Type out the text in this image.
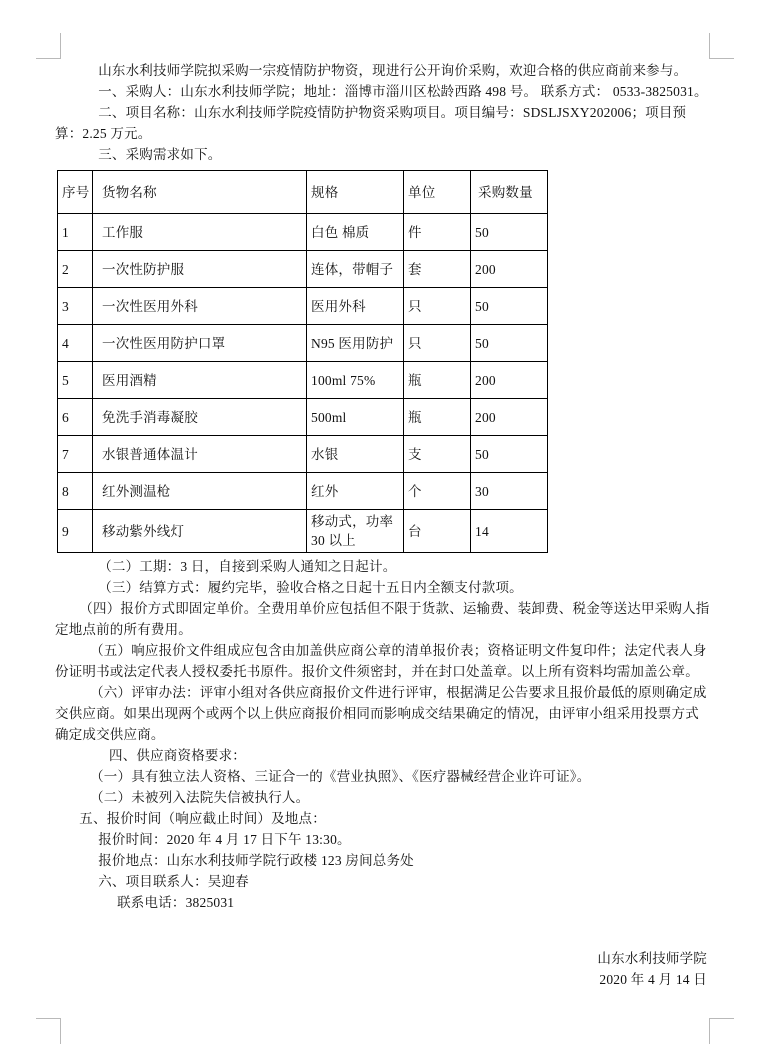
山东水利技师学院拟采购一宗疫情防护物资，现进行公开询价采购，欢迎合格的供应商前来参与。

一、采购人：山东水利技师学院；地址：淄博市淄川区松龄西路 498 号。 联系方式： 0533-3825031。

二、项目名称：山东水利技师学院疫情防护物资采购项目。项目编号：SDSLJSXY202006；项目预算：2.25 万元。

三、采购需求如下。

序号	货物名称	规格	单位	采购数量
1	工作服	白色 棉质	件	50
2	一次性防护服	连体，带帽子	套	200
3	一次性医用外科	医用外科	只	50
4	一次性医用防护口罩	N95 医用防护	只	50
5	医用酒精	100ml 75%	瓶	200
6	免洗手消毒凝胶	500ml	瓶	200
7	水银普通体温计	水银	支	50
8	红外测温枪	红外	个	30
9	移动紫外线灯	移动式，功率 30 以上	台	14

（二）工期：3 日，自接到采购人通知之日起计。

（三）结算方式：履约完毕，验收合格之日起十五日内全额支付款项。

（四）报价方式即固定单价。全费用单价应包括但不限于货款、运输费、装卸费、税金等送达甲采购人指定地点前的所有费用。

（五）响应报价文件组成应包含由加盖供应商公章的清单报价表；资格证明文件复印件；法定代表人身份证明书或法定代表人授权委托书原件。报价文件须密封，并在封口处盖章。以上所有资料均需加盖公章。

（六）评审办法：评审小组对各供应商报价文件进行评审，根据满足公告要求且报价最低的原则确定成交供应商。如果出现两个或两个以上供应商报价相同而影响成交结果确定的情况，由评审小组采用投票方式确定成交供应商。

四、供应商资格要求：

（一）具有独立法人资格、三证合一的《营业执照》、《医疗器械经营企业许可证》。

（二）未被列入法院失信被执行人。

五、报价时间（响应截止时间）及地点：

报价时间：2020 年 4 月 17 日下午 13:30。

报价地点：山东水利技师学院行政楼 123 房间总务处

六、项目联系人：吴迎春

联系电话：3825031

山东水利技师学院

2020 年 4 月 14 日
